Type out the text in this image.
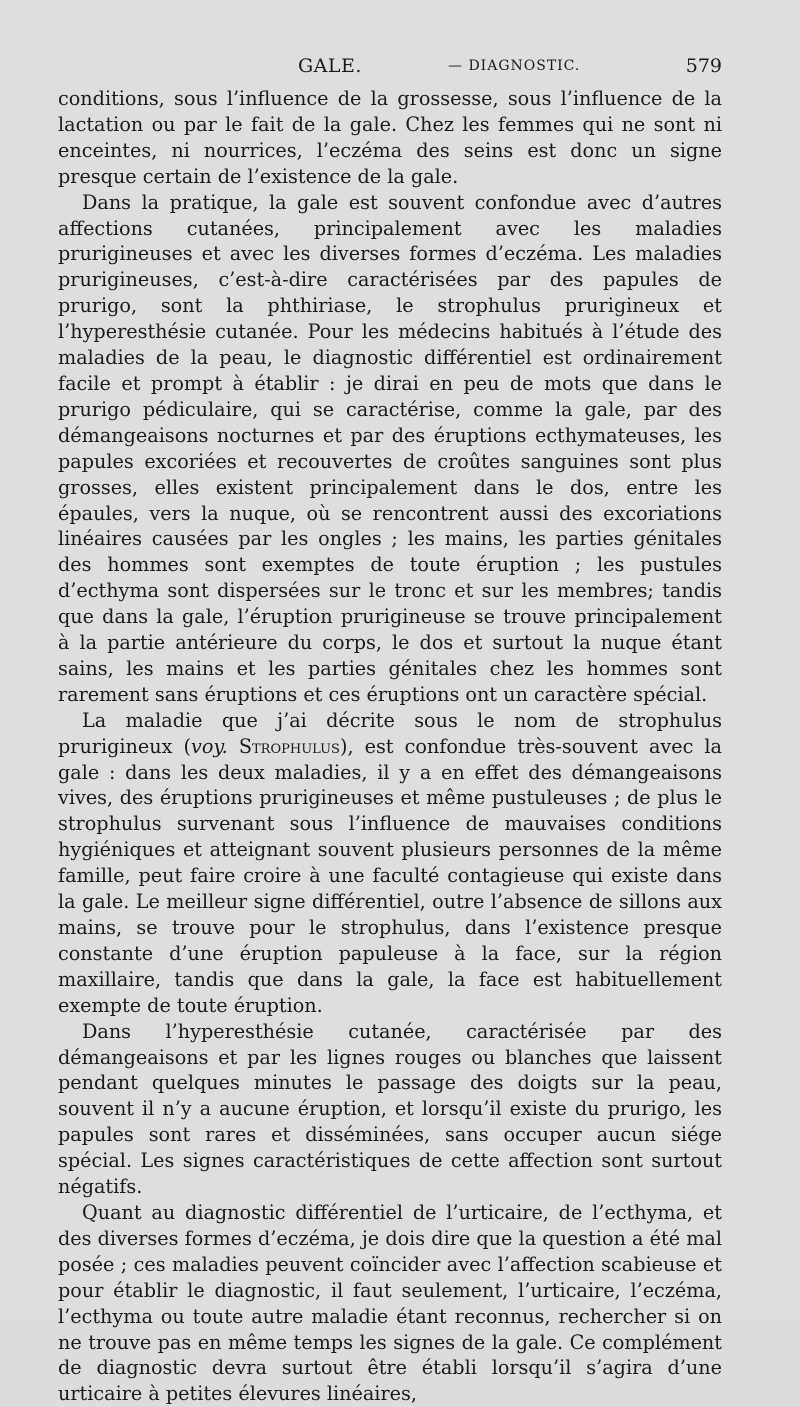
GALE.	— DIAGNOSTIC.	579

conditions, sous l’influence de la grossesse, sous l’influence de la lactation ou par le fait de la gale. Chez les femmes qui ne sont ni enceintes, ni nourrices, l’eczéma des seins est donc un signe presque certain de l’existence de la gale.

Dans la pratique, la gale est souvent confondue avec d’autres affections cutanées, principalement avec les maladies prurigineuses et avec les diverses formes d’eczéma. Les maladies prurigineuses, c’est-à-dire caractérisées par des papules de prurigo, sont la phthiriase, le strophulus prurigineux et l’hyperesthésie cutanée. Pour les médecins habitués à l’étude des maladies de la peau, le diagnostic différentiel est ordinairement facile et prompt à établir : je dirai en peu de mots que dans le prurigo pédiculaire, qui se caractérise, comme la gale, par des démangeaisons nocturnes et par des éruptions ecthymateuses, les papules excoriées et recouvertes de croûtes sanguines sont plus grosses, elles existent principalement dans le dos, entre les épaules, vers la nuque, où se rencontrent aussi des excoriations linéaires causées par les ongles ; les mains, les parties génitales des hommes sont exemptes de toute éruption ; les pustules d’ecthyma sont dispersées sur le tronc et sur les membres; tandis que dans la gale, l’éruption prurigineuse se trouve principalement à la partie antérieure du corps, le dos et surtout la nuque étant sains, les mains et les parties génitales chez les hommes sont rarement sans éruptions et ces éruptions ont un caractère spécial.

La maladie que j’ai décrite sous le nom de strophulus prurigineux (voy. Strophulus), est confondue très-souvent avec la gale : dans les deux maladies, il y a en effet des démangeaisons vives, des éruptions prurigineuses et même pustuleuses ; de plus le strophulus survenant sous l’influence de mauvaises conditions hygiéniques et atteignant souvent plusieurs personnes de la même famille, peut faire croire à une faculté contagieuse qui existe dans la gale. Le meilleur signe différentiel, outre l’absence de sillons aux mains, se trouve pour le strophulus, dans l’existence presque constante d’une éruption papuleuse à la face, sur la région maxillaire, tandis que dans la gale, la face est habituellement exempte de toute éruption.

Dans l’hyperesthésie cutanée, caractérisée par des démangeaisons et par les lignes rouges ou blanches que laissent pendant quelques minutes le passage des doigts sur la peau, souvent il n’y a aucune éruption, et lorsqu’il existe du prurigo, les papules sont rares et disséminées, sans occuper aucun siége spécial. Les signes caractéristiques de cette affection sont surtout négatifs.

Quant au diagnostic différentiel de l’urticaire, de l’ecthyma, et des diverses formes d’eczéma, je dois dire que la question a été mal posée ; ces maladies peuvent coïncider avec l’affection scabieuse et pour établir le diagnostic, il faut seulement, l’urticaire, l’eczéma, l’ecthyma ou toute autre maladie étant reconnus, rechercher si on ne trouve pas en même temps les signes de la gale. Ce complément de diagnostic devra surtout être établi lorsqu’il s’agira d’une urticaire à petites élevures linéaires,
